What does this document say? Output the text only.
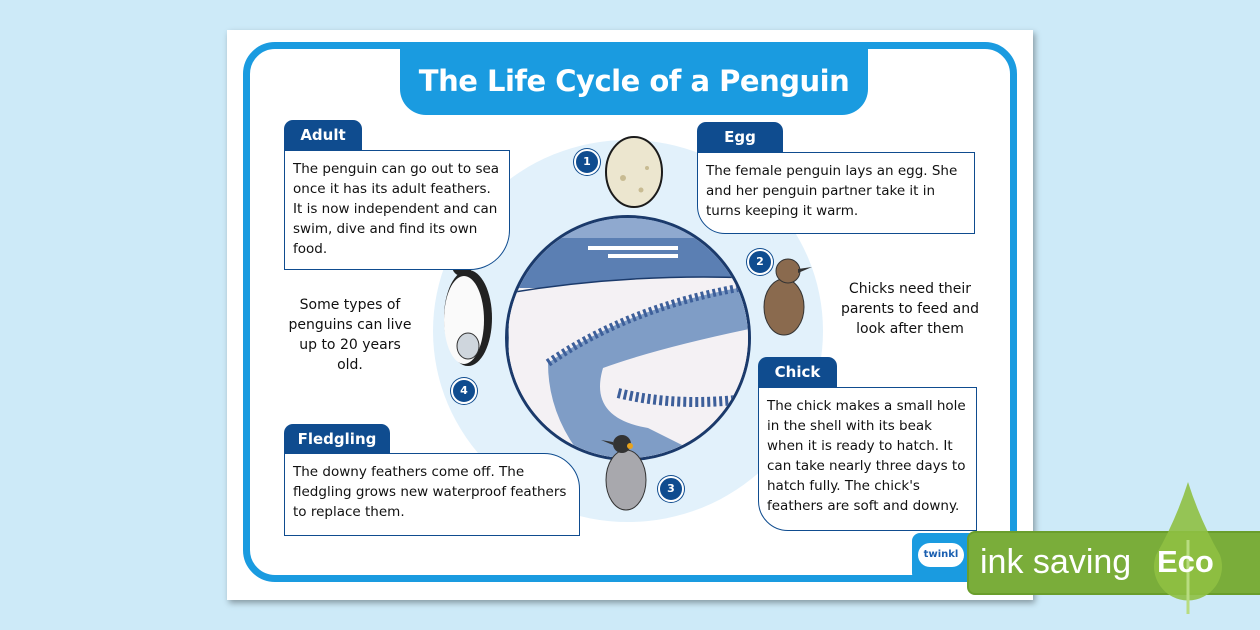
The Life Cycle of a Penguin
1
2
3
4
Adult
The penguin can go out to sea once it has its adult feathers. It is now independent and can swim, dive and find its own food.
Egg
The female penguin lays an egg. She and her penguin partner take it in turns keeping it warm.
Chick
The chick makes a small hole in the shell with its beak when it is ready to hatch. It can take nearly three days to hatch fully. The chick's feathers are soft and downy.
Fledgling
The downy feathers come off. The fledgling grows new waterproof feathers to replace them.
Some types of penguins can live up to 20 years old.
Chicks need their parents to feed and look after them
twinkl ink saving Eco
